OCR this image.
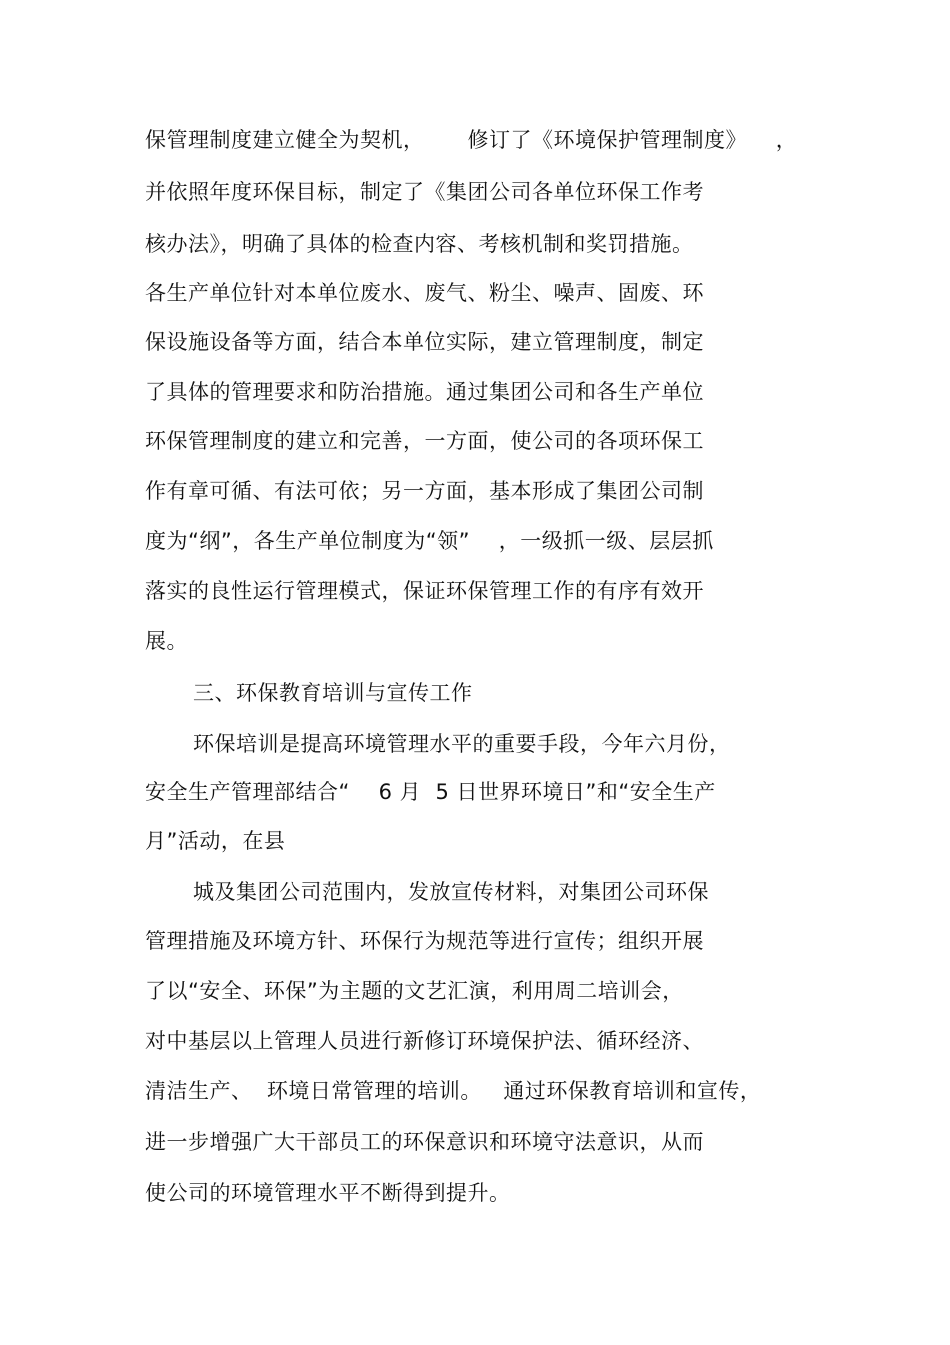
保管理制度建立健全为契机，      修订了《环境保护管理制度》    ，
并依照年度环保目标，制定了《集团公司各单位环保工作考
核办法》，明确了具体的检查内容、考核机制和奖罚措施。
各生产单位针对本单位废水、废气、粉尘、噪声、固废、环
保设施设备等方面，结合本单位实际，建立管理制度，制定
了具体的管理要求和防治措施。通过集团公司和各生产单位
环保管理制度的建立和完善，一方面，使公司的各项环保工
作有章可循、有法可依；另一方面，基本形成了集团公司制
度为“纲”，各生产单位制度为“领”    ，一级抓一级、层层抓
落实的良性运行管理模式，保证环保管理工作的有序有效开
展。
三、环保教育培训与宣传工作
环保培训是提高环境管理水平的重要手段，今年六月份，
安全生产管理部结合“    6 月  5 日世界环境日”和“安全生产
月”活动，在县
城及集团公司范围内，发放宣传材料，对集团公司环保
管理措施及环境方针、环保行为规范等进行宣传；组织开展
了以“安全、环保”为主题的文艺汇演，利用周二培训会，
对中基层以上管理人员进行新修订环境保护法、循环经济、
清洁生产、  环境日常管理的培训。   通过环保教育培训和宣传，
进一步增强广大干部员工的环保意识和环境守法意识，从而
使公司的环境管理水平不断得到提升。
